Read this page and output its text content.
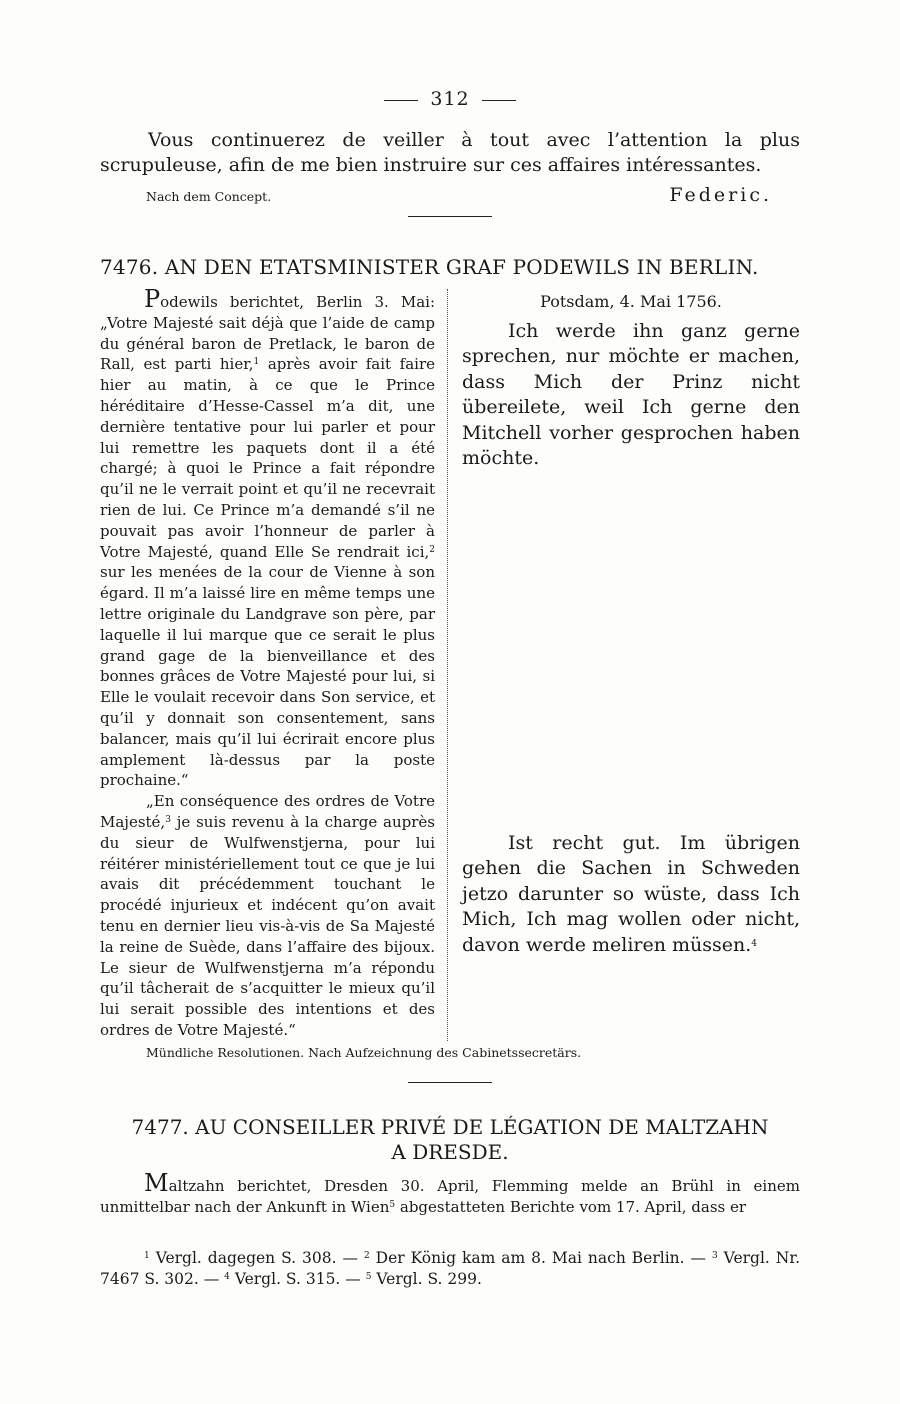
312
Vous continuerez de veiller à tout avec l’attention la plus scrupuleuse, afin de me bien instruire sur ces affaires intéressantes.
Nach dem Concept.	Federic.
7476. AN DEN ETATSMINISTER GRAF PODEWILS IN BERLIN.

Podewils berichtet, Berlin 3. Mai: „Votre Majesté sait déjà que l’aide de camp du général baron de Pretlack, le baron de Rall, est parti hier,$^1$ après avoir fait faire hier au matin, à ce que le Prince héréditaire d’Hesse-Cassel m’a dit, une dernière tentative pour lui parler et pour lui remettre les paquets dont il a été chargé; à quoi le Prince a fait répondre qu’il ne le verrait point et qu’il ne recevrait rien de lui. Ce Prince m’a demandé s’il ne pouvait pas avoir l’honneur de parler à Votre Majesté, quand Elle Se rendrait ici,$^2$ sur les menées de la cour de Vienne à son égard. Il m’a laissé lire en même temps une lettre originale du Landgrave son père, par laquelle il lui marque que ce serait le plus grand gage de la bienveillance et des bonnes grâces de Votre Majesté pour lui, si Elle le voulait recevoir dans Son service, et qu’il y donnait son consentement, sans balancer, mais qu’il lui écrirait encore plus amplement là-dessus par la poste prochaine.“

„En conséquence des ordres de Votre Majesté,$^3$ je suis revenu à la charge auprès du sieur de Wulfwenstjerna, pour lui réitérer ministériellement tout ce que je lui avais dit précédemment touchant le procédé injurieux et indécent qu’on avait tenu en dernier lieu vis-à-vis de Sa Majesté la reine de Suède, dans l’affaire des bijoux. Le sieur de Wulfwenstjerna m’a répondu qu’il tâcherait de s’acquitter le mieux qu’il lui serait possible des intentions et des ordres de Votre Majesté.“

Potsdam, 4. Mai 1756.

Ich werde ihn ganz gerne sprechen, nur möchte er machen, dass Mich der Prinz nicht übereilete, weil Ich gerne den Mitchell vorher gesprochen haben möchte.

Ist recht gut. Im übrigen gehen die Sachen in Schweden jetzo darunter so wüste, dass Ich Mich, Ich mag wollen oder nicht, davon werde meliren müssen.$^4$

Mündliche Resolutionen. Nach Aufzeichnung des Cabinetssecretärs.
7477. AU CONSEILLER PRIVÉ DE LÉGATION DE MALTZAHN
A DRESDE.
Maltzahn berichtet, Dresden 30. April, Flemming melde an Brühl in einem unmittelbar nach der Ankunft in Wien$^5$ abgestatteten Berichte vom 17. April, dass er
$^1$ Vergl. dagegen S. 308. — $^2$ Der König kam am 8. Mai nach Berlin. — $^3$ Vergl. Nr. 7467 S. 302. — $^4$ Vergl. S. 315. — $^5$ Vergl. S. 299.
